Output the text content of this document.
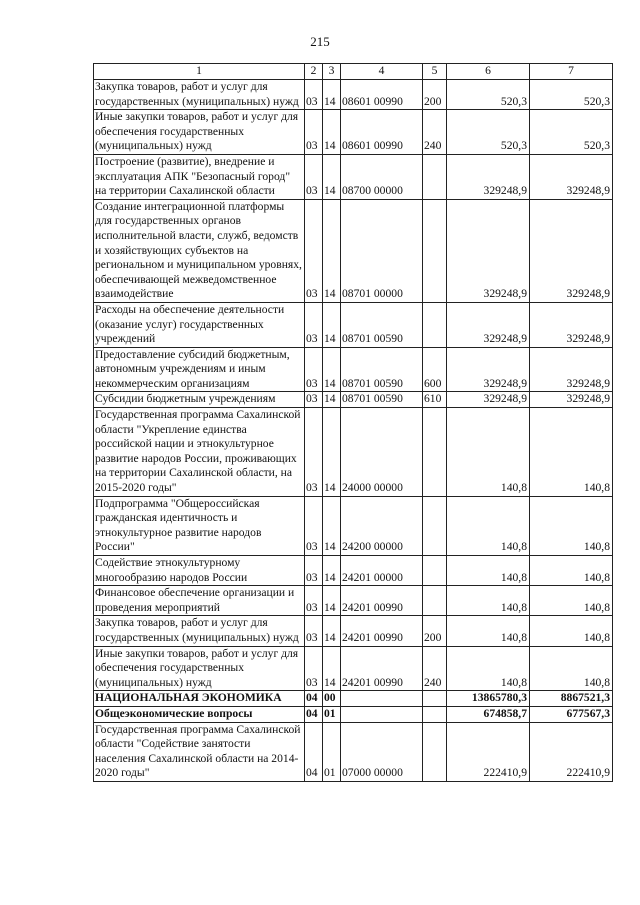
215
1	2	3	4	5	6	7
Закупка товаров, работ и услуг для государственных (муниципальных) нужд	03	14	08601 00990	200	520,3	520,3
Иные закупки товаров, работ и услуг для обеспечения государственных (муниципальных) нужд	03	14	08601 00990	240	520,3	520,3
Построение (развитие), внедрение и эксплуатация АПК "Безопасный город" на территории Сахалинской области	03	14	08700 00000		329248,9	329248,9
Создание интеграционной платформы для государственных органов исполнительной власти, служб, ведомств и хозяйствующих субъектов на региональном и муниципальном уровнях, обеспечивающей межведомственное взаимодействие	03	14	08701 00000		329248,9	329248,9
Расходы на обеспечение деятельности (оказание услуг) государственных учреждений	03	14	08701 00590		329248,9	329248,9
Предоставление субсидий бюджетным, автономным учреждениям и иным некоммерческим организациям	03	14	08701 00590	600	329248,9	329248,9
Субсидии бюджетным учреждениям	03	14	08701 00590	610	329248,9	329248,9
Государственная программа Сахалинской области "Укрепление единства российской нации и этнокультурное развитие народов России, проживающих на территории Сахалинской области, на 2015-2020 годы"	03	14	24000 00000		140,8	140,8
Подпрограмма "Общероссийская гражданская идентичность и этнокультурное развитие народов России"	03	14	24200 00000		140,8	140,8
Содействие этнокультурному многообразию народов России	03	14	24201 00000		140,8	140,8
Финансовое обеспечение организации и проведения мероприятий	03	14	24201 00990		140,8	140,8
Закупка товаров, работ и услуг для государственных (муниципальных) нужд	03	14	24201 00990	200	140,8	140,8
Иные закупки товаров, работ и услуг для обеспечения государственных (муниципальных) нужд	03	14	24201 00990	240	140,8	140,8
НАЦИОНАЛЬНАЯ ЭКОНОМИКА	04	00			13865780,3	8867521,3
Общеэкономические вопросы	04	01			674858,7	677567,3
Государственная программа Сахалинской области "Содействие занятости населения Сахалинской области на 2014-2020 годы"	04	01	07000 00000		222410,9	222410,9
